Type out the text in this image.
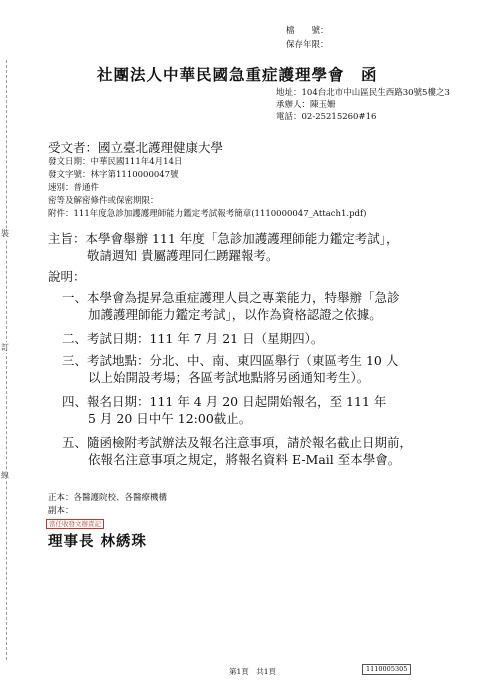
裝
訂
線
檔　　號：
保存年限：
社團法人中華民國急重症護理學會　函
地址：104台北市中山區民生西路30號5樓之3
承辦人：陳玉姍
電話：02-25215260#16
受文者：國立臺北護理健康大學
發文日期：中華民國111年4月14日
發文字號：林字第1110000047號
速別：普通件
密等及解密條件或保密期限：
附件：111年度急診加護護理師能力鑑定考試報考簡章(1110000047_Attach1.pdf)
主旨：本學會舉辦 111 年度「急診加護護理師能力鑑定考試」，
敬請週知 貴屬護理同仁踴躍報考。
說明：
一、本學會為提昇急重症護理人員之專業能力，特舉辦「急診
加護護理師能力鑑定考試」，以作為資格認證之依據。
二、考試日期：111 年 7 月 21 日（星期四）。
三、考試地點：分北、中、南、東四區舉行（東區考生 10 人
以上始開設考場；各區考試地點將另函通知考生）。
四、報名日期：111 年 4 月 20 日起開始報名，至 111 年
5 月 20 日中午 12:00截止。
五、隨函檢附考試辦法及報名注意事項，請於報名截止日期前，
依報名注意事項之規定，將報名資料 E-Mail 至本學會。
正本：各醫護院校、各醫療機構
副本：
當任收發文辦責記
理事長 林綉珠
第1頁　共1頁	1110005305
